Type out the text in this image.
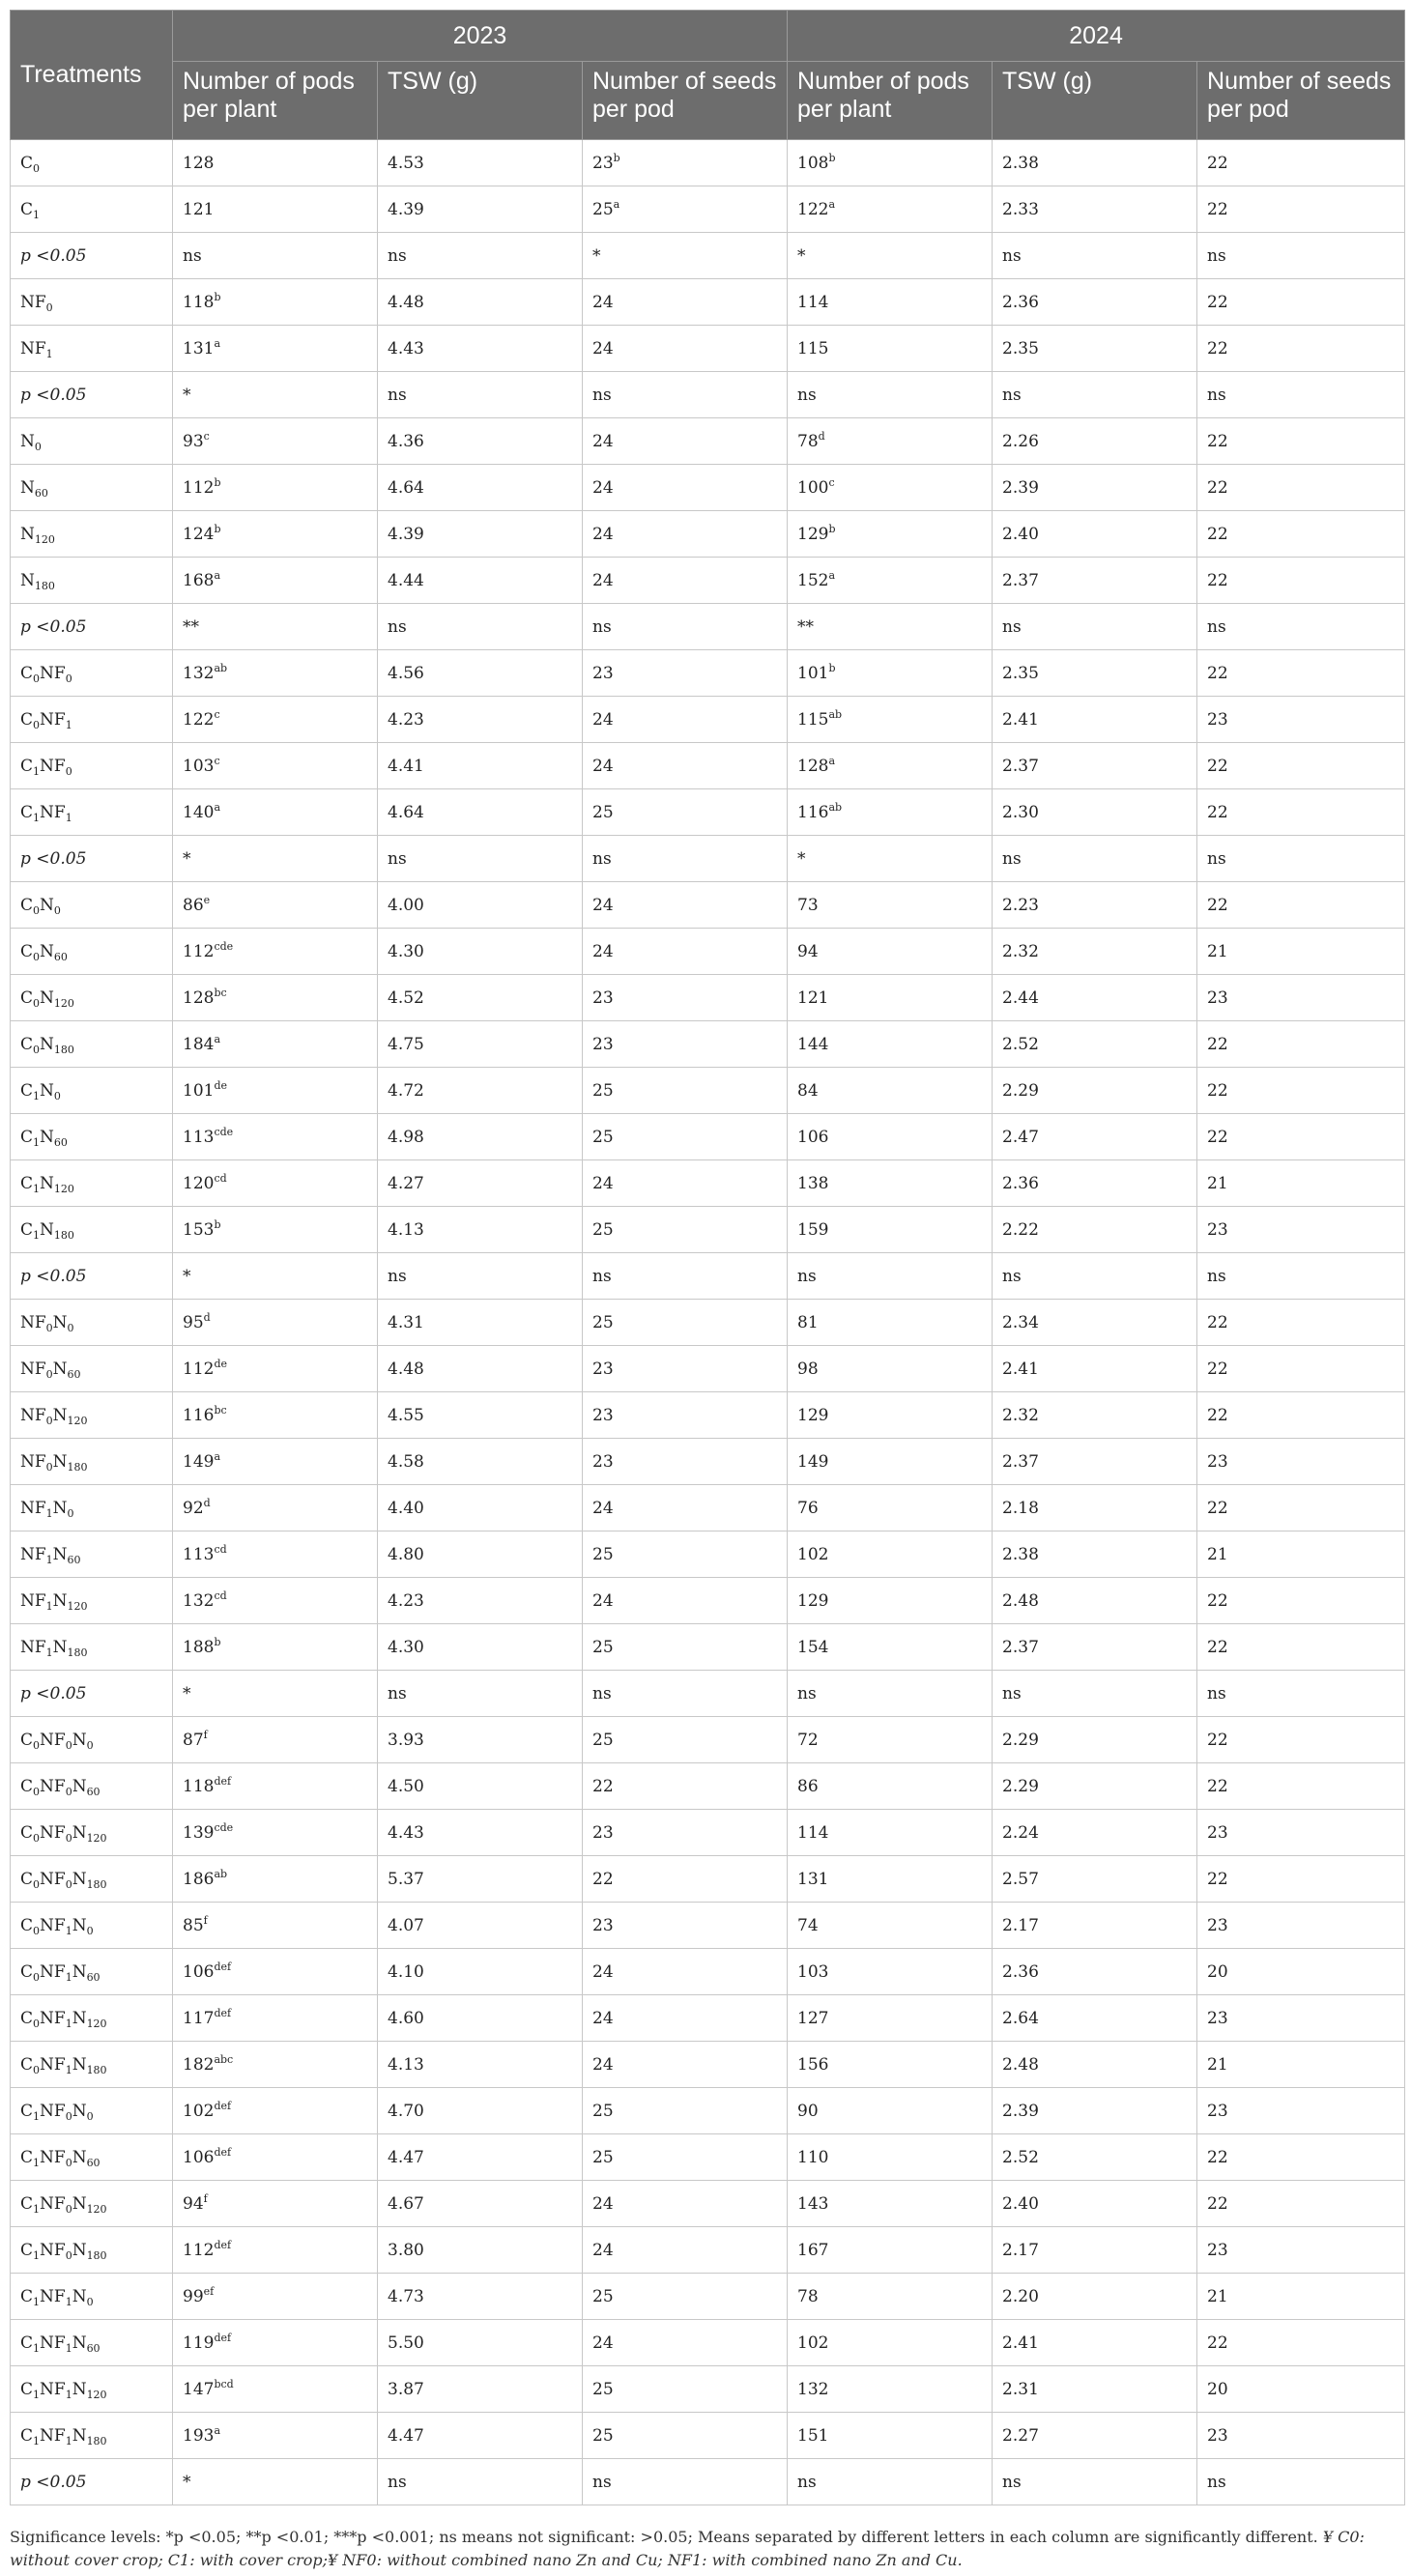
Treatments	2023			2024		
	Number of pods per plant	TSW (g)	Number of seeds per pod	Number of pods per plant	TSW (g)	Number of seeds per pod
$C_0$	128	4.53	23$^b$	108$^b$	2.38	22
$C_1$	121	4.39	25$^a$	122$^a$	2.33	22
p <0.05	ns	ns	*	*	ns	ns
$NF_0$	118$^b$	4.48	24	114	2.36	22
$NF_1$	131$^a$	4.43	24	115	2.35	22
p <0.05	*	ns	ns	ns	ns	ns
$N_0$	93$^c$	4.36	24	78$^d$	2.26	22
$N_{60}$	112$^b$	4.64	24	100$^c$	2.39	22
$N_{120}$	124$^b$	4.39	24	129$^b$	2.40	22
$N_{180}$	168$^a$	4.44	24	152$^a$	2.37	22
p <0.05	**	ns	ns	**	ns	ns
$C_0NF_0$	$132^{ab}$	4.56	23	101$^b$	2.35	22
$C_0NF_1$	122$^c$	4.23	24	$115^{ab}$	2.41	23
$C_1NF_0$	103$^c$	4.41	24	128$^a$	2.37	22
$C_1NF_1$	140$^a$	4.64	25	$116^{ab}$	2.30	22
p <0.05	*	ns	ns	*	ns	ns
$C_0N_0$	86e	4.00	24	73	2.23	22
$C_0N_{60}$	$112^{cde}$	4.30	24	94	2.32	21
$C_0N_{120}$	$128^{bc}$	4.52	23	121	2.44	23
$C_0N_{180}$	184$^a$	4.75	23	144	2.52	22
$C_1N_0$	101de	4.72	25	84	2.29	22
$C_1N_{60}$	$113^{cde}$	4.98	25	106	2.47	22
$C_1N_{120}$	$120^{cd}$	4.27	24	138	2.36	21
$C_1N_{180}$	153$^b$	4.13	25	159	2.22	23
p <0.05	*	ns	ns	ns	ns	ns
$NF_0N_0$	95$^d$	4.31	25	81	2.34	22
$NF_0N_{60}$	112de	4.48	23	98	2.41	22
$NF_0N_{120}$	$116^{bc}$	4.55	23	129	2.32	22
$NF_0N_{180}$	149$^a$	4.58	23	149	2.37	23
$NF_1N_0$	92$^d$	4.40	24	76	2.18	22
$NF_1N_{60}$	$113^{cd}$	4.80	25	102	2.38	21
$NF_1N_{120}$	$132^{cd}$	4.23	24	129	2.48	22
$NF_1N_{180}$	188$^b$	4.30	25	154	2.37	22
p <0.05	*	ns	ns	ns	ns	ns
$C_0NF_0N_0$	87$^f$	3.93	25	72	2.29	22
$C_0NF_0N_{60}$	$118^{def}$	4.50	22	86	2.29	22
$C_0NF_0N_{120}$	$139^{cde}$	4.43	23	114	2.24	23
$C_0NF_0N_{180}$	$186^{ab}$	5.37	22	131	2.57	22
$C_0NF_1N_0$	85$^f$	4.07	23	74	2.17	23
$C_0NF_1N_{60}$	$106^{def}$	4.10	24	103	2.36	20
$C_0NF_1N_{120}$	$117^{def}$	4.60	24	127	2.64	23
$C_0NF_1N_{180}$	$182^{abc}$	4.13	24	156	2.48	21
$C_1NF_0N_0$	$102^{def}$	4.70	25	90	2.39	23
$C_1NF_0N_{60}$	$106^{def}$	4.47	25	110	2.52	22
$C_1NF_0N_{120}$	94$^f$	4.67	24	143	2.40	22
$C_1NF_0N_{180}$	$112^{def}$	3.80	24	167	2.17	23
$C_1NF_1N_0$	$99^{ef}$	4.73	25	78	2.20	21
$C_1NF_1N_{60}$	$119^{def}$	5.50	24	102	2.41	22
$C_1NF_1N_{120}$	$147^{bcd}$	3.87	25	132	2.31	20
$C_1NF_1N_{180}$	193$^a$	4.47	25	151	2.27	23
p <0.05	*	ns	ns	ns	ns	ns
Significance levels: *p <0.05; **p <0.01; ***p <0.001; ns means not significant: >0.05; Means separated by different letters in each column are significantly different. ¥ C0: without cover crop; C1: with cover crop;¥ NF0: without combined nano Zn and Cu; NF1: with combined nano Zn and Cu.
